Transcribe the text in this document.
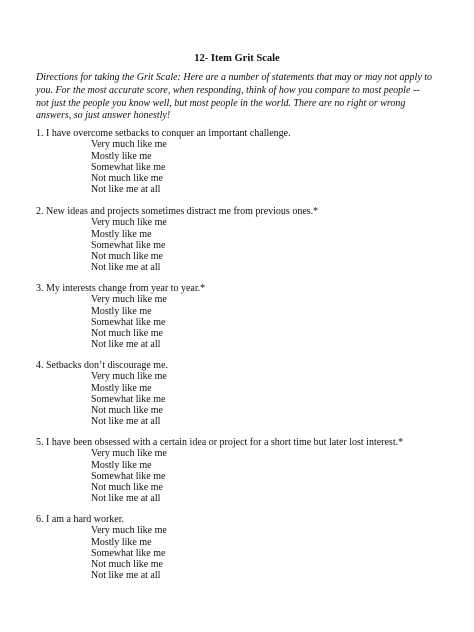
12- Item Grit Scale
Directions for taking the Grit Scale: Here are a number of statements that may or may not apply to
you. For the most accurate score, when responding, think of how you compare to most people --
not just the people you know well, but most people in the world. There are no right or wrong
answers, so just answer honestly!
1. I have overcome setbacks to conquer an important challenge.
Very much like me
Mostly like me
Somewhat like me
Not much like me
Not like me at all
2. New ideas and projects sometimes distract me from previous ones.*
Very much like me
Mostly like me
Somewhat like me
Not much like me
Not like me at all
3. My interests change from year to year.*
Very much like me
Mostly like me
Somewhat like me
Not much like me
Not like me at all
4. Setbacks don’t discourage me.
Very much like me
Mostly like me
Somewhat like me
Not much like me
Not like me at all
5. I have been obsessed with a certain idea or project for a short time but later lost interest.*
Very much like me
Mostly like me
Somewhat like me
Not much like me
Not like me at all
6. I am a hard worker.
Very much like me
Mostly like me
Somewhat like me
Not much like me
Not like me at all
